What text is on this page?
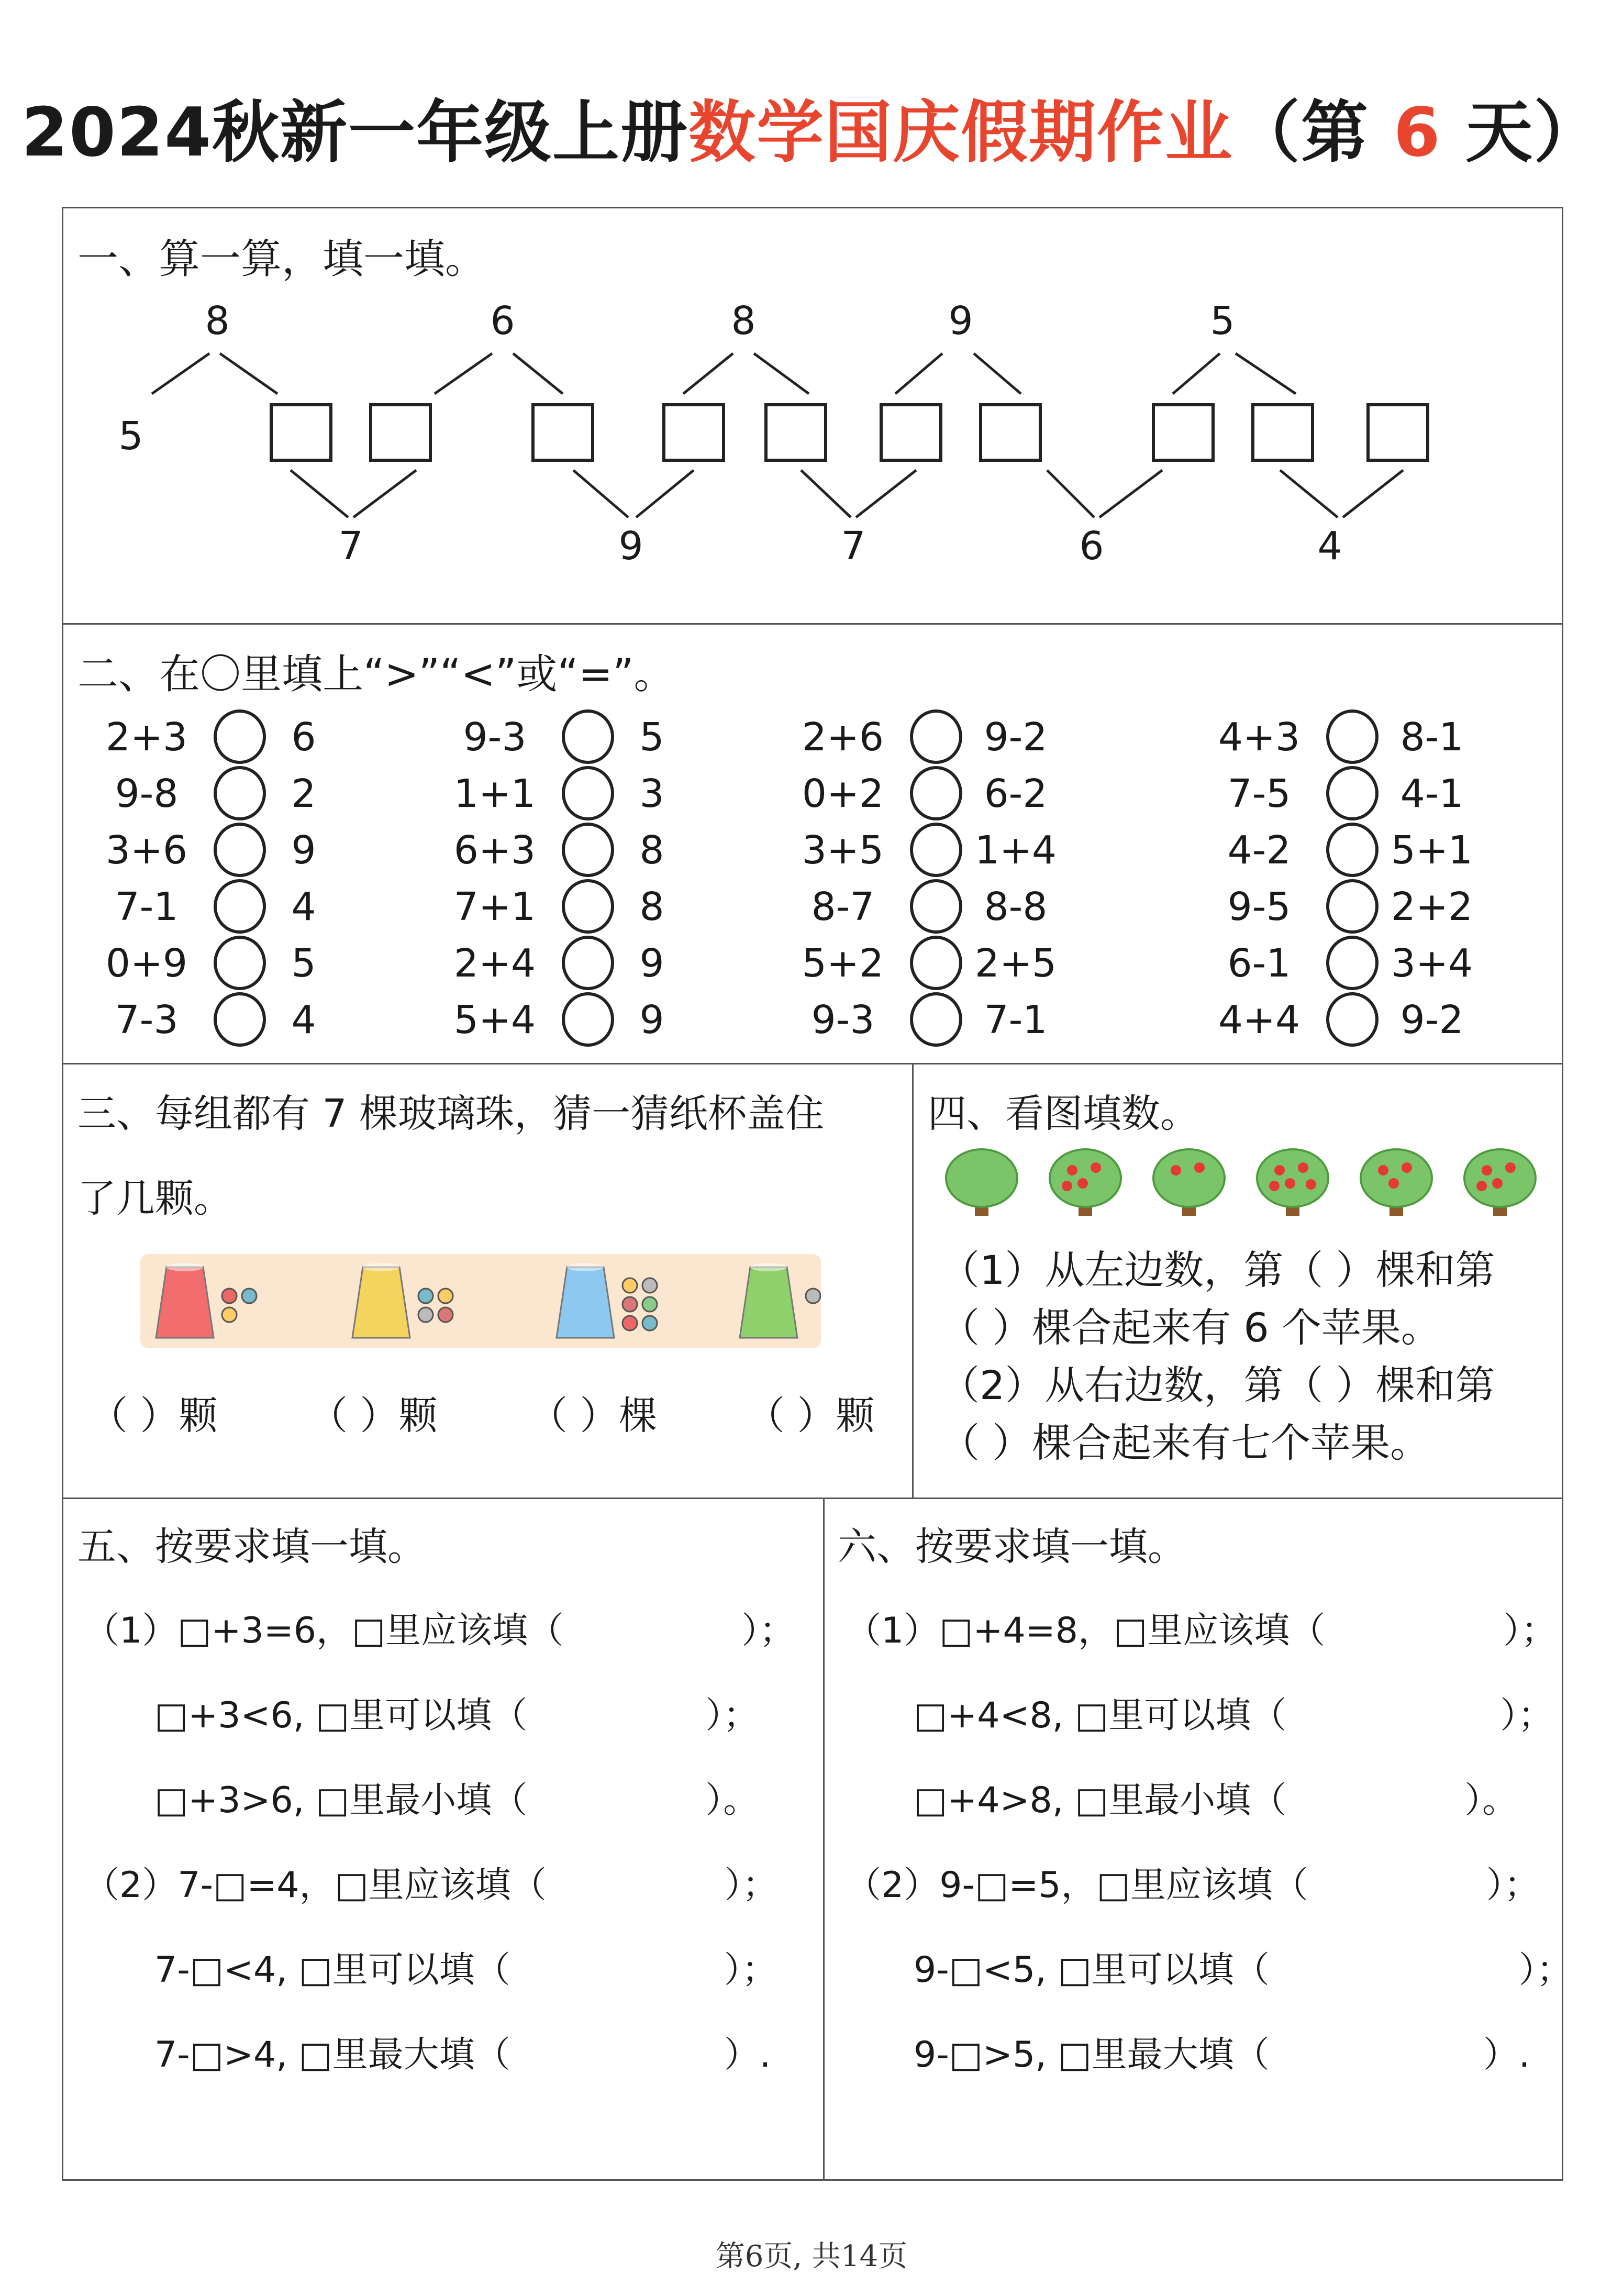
2024秋新一年级上册数学国庆假期作业（第 6 天）
一、算一算，填一填。
8	6	8	9	5
5
7	9	7	6	4
二、在〇里填上“>”“<”或“=”。
2+3	6
9-8	2
3+6	9
7-1	4
0+9	5
7-3	4
9-3	5
1+1	3
6+3	8
7+1	8
2+4	9
5+4	9
2+6	9-2
0+2	6-2
3+5 1+4
8-7	8-8
5+2 2+5
9-3	7-1
4+3	8-1
7-5	4-1
4-2	5+1
9-5	2+2
6-1	3+4
4+4	9-2
三、每组都有 7 棵玻璃珠，猜一猜纸杯盖住
了几颗。
（ ）颗 （ ）颗 （ ）棵 （ ）颗
四、看图填数。
（1）从左边数，第（ ）棵和第
（ ）棵合起来有 6 个苹果。
（2）从右边数，第（ ）棵和第
（ ）棵合起来有七个苹果。
五、按要求填一填。
（1）□+3=6，□里应该填（　　　　　）；
□+3<6, □里可以填（　　　　　）；
□+3>6, □里最小填（　　　　　）。
（2）7-□=4，□里应该填（　　　　　）；
7-□<4, □里可以填（　　　　　　）；
7-□>4, □里最大填（　　　　　　）.
六、按要求填一填。
（1）□+4=8，□里应该填（　　　　　）；
□+4<8, □里可以填（　　　　　　）；
□+4>8, □里最小填（　　　　　）。
（2）9-□=5，□里应该填（　　　　　）；
9-□<5, □里可以填（　　　　　　　）；
9-□>5, □里最大填（　　　　　　）.
第6页, 共14页
